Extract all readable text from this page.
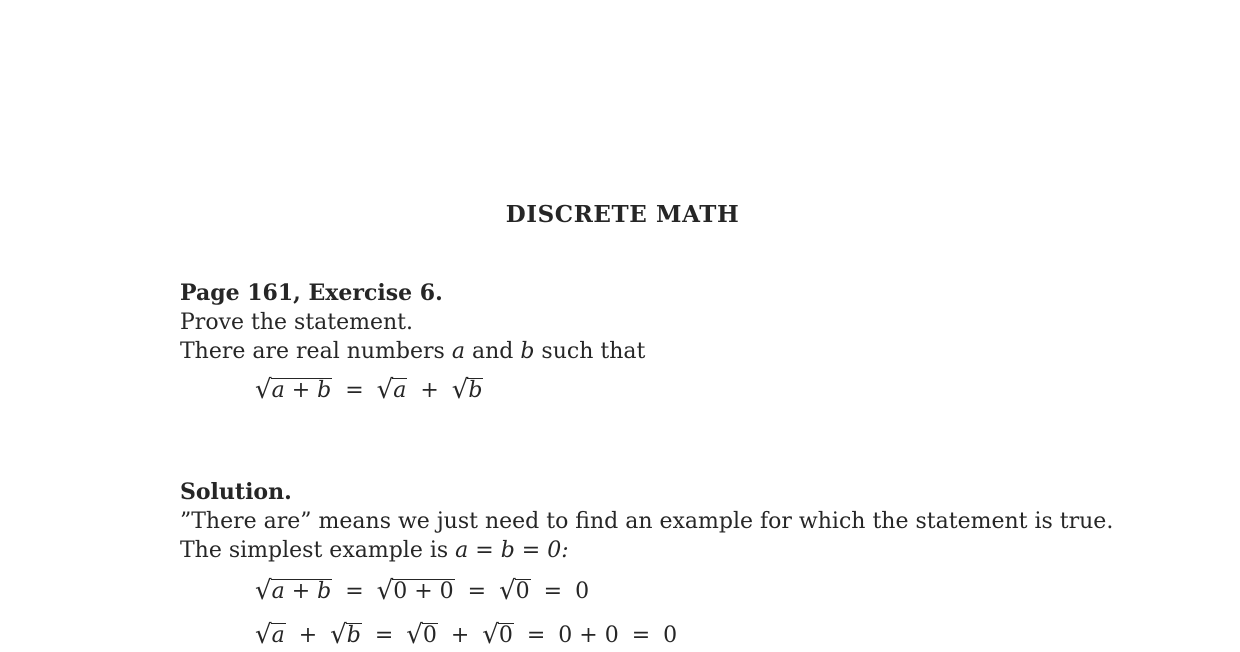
DISCRETE MATH
Page 161, Exercise 6.
Prove the statement.
There are real numbers a and b such that
√a + b = √a + √b
Solution.
”There are” means we just need to find an example for which the statement is true.
The simplest example is a = b = 0:
√a + b = √0 + 0 = √0 = 0
√a + √b = √0 + √0 = 0 + 0 = 0
